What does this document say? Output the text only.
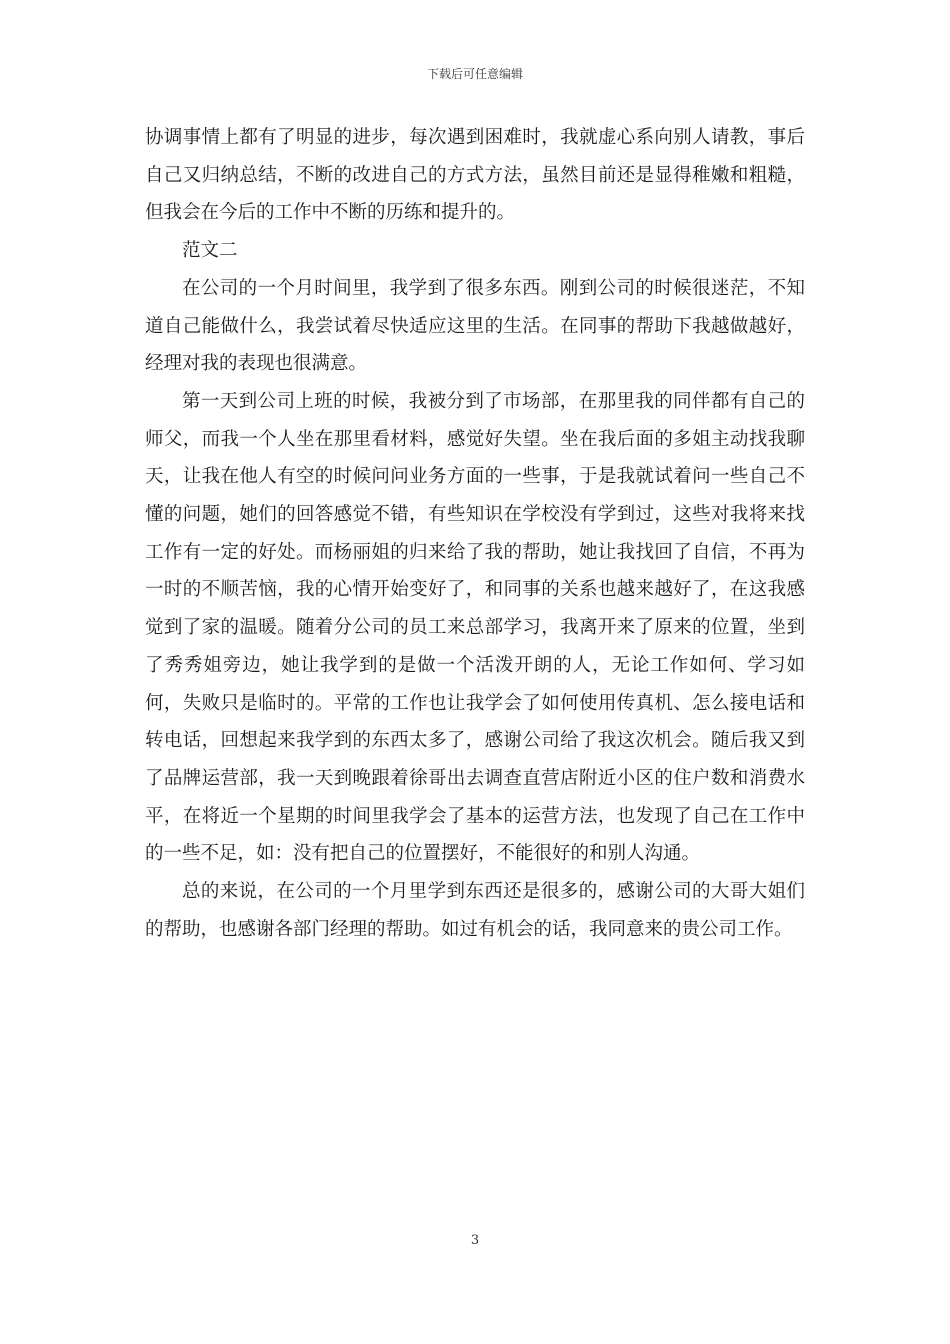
下载后可任意编辑

协调事情上都有了明显的进步，每次遇到困难时，我就虚心系向别人请教，事后自己又归纳总结，不断的改进自己的方式方法，虽然目前还是显得稚嫩和粗糙，但我会在今后的工作中不断的历练和提升的。

范文二

在公司的一个月时间里，我学到了很多东西。刚到公司的时候很迷茫，不知道自己能做什么，我尝试着尽快适应这里的生活。在同事的帮助下我越做越好，经理对我的表现也很满意。

第一天到公司上班的时候，我被分到了市场部，在那里我的同伴都有自己的师父，而我一个人坐在那里看材料，感觉好失望。坐在我后面的多姐主动找我聊天，让我在他人有空的时候问问业务方面的一些事，于是我就试着问一些自己不懂的问题，她们的回答感觉不错，有些知识在学校没有学到过，这些对我将来找工作有一定的好处。而杨丽姐的归来给了我的帮助，她让我找回了自信，不再为一时的不顺苦恼，我的心情开始变好了，和同事的关系也越来越好了，在这我感觉到了家的温暖。随着分公司的员工来总部学习，我离开来了原来的位置，坐到了秀秀姐旁边，她让我学到的是做一个活泼开朗的人，无论工作如何、学习如何，失败只是临时的。平常的工作也让我学会了如何使用传真机、怎么接电话和转电话，回想起来我学到的东西太多了，感谢公司给了我这次机会。随后我又到了品牌运营部，我一天到晚跟着徐哥出去调查直营店附近小区的住户数和消费水平，在将近一个星期的时间里我学会了基本的运营方法，也发现了自己在工作中的一些不足，如：没有把自己的位置摆好，不能很好的和别人沟通。

总的来说，在公司的一个月里学到东西还是很多的，感谢公司的大哥大姐们的帮助，也感谢各部门经理的帮助。如过有机会的话，我同意来的贵公司工作。

3
